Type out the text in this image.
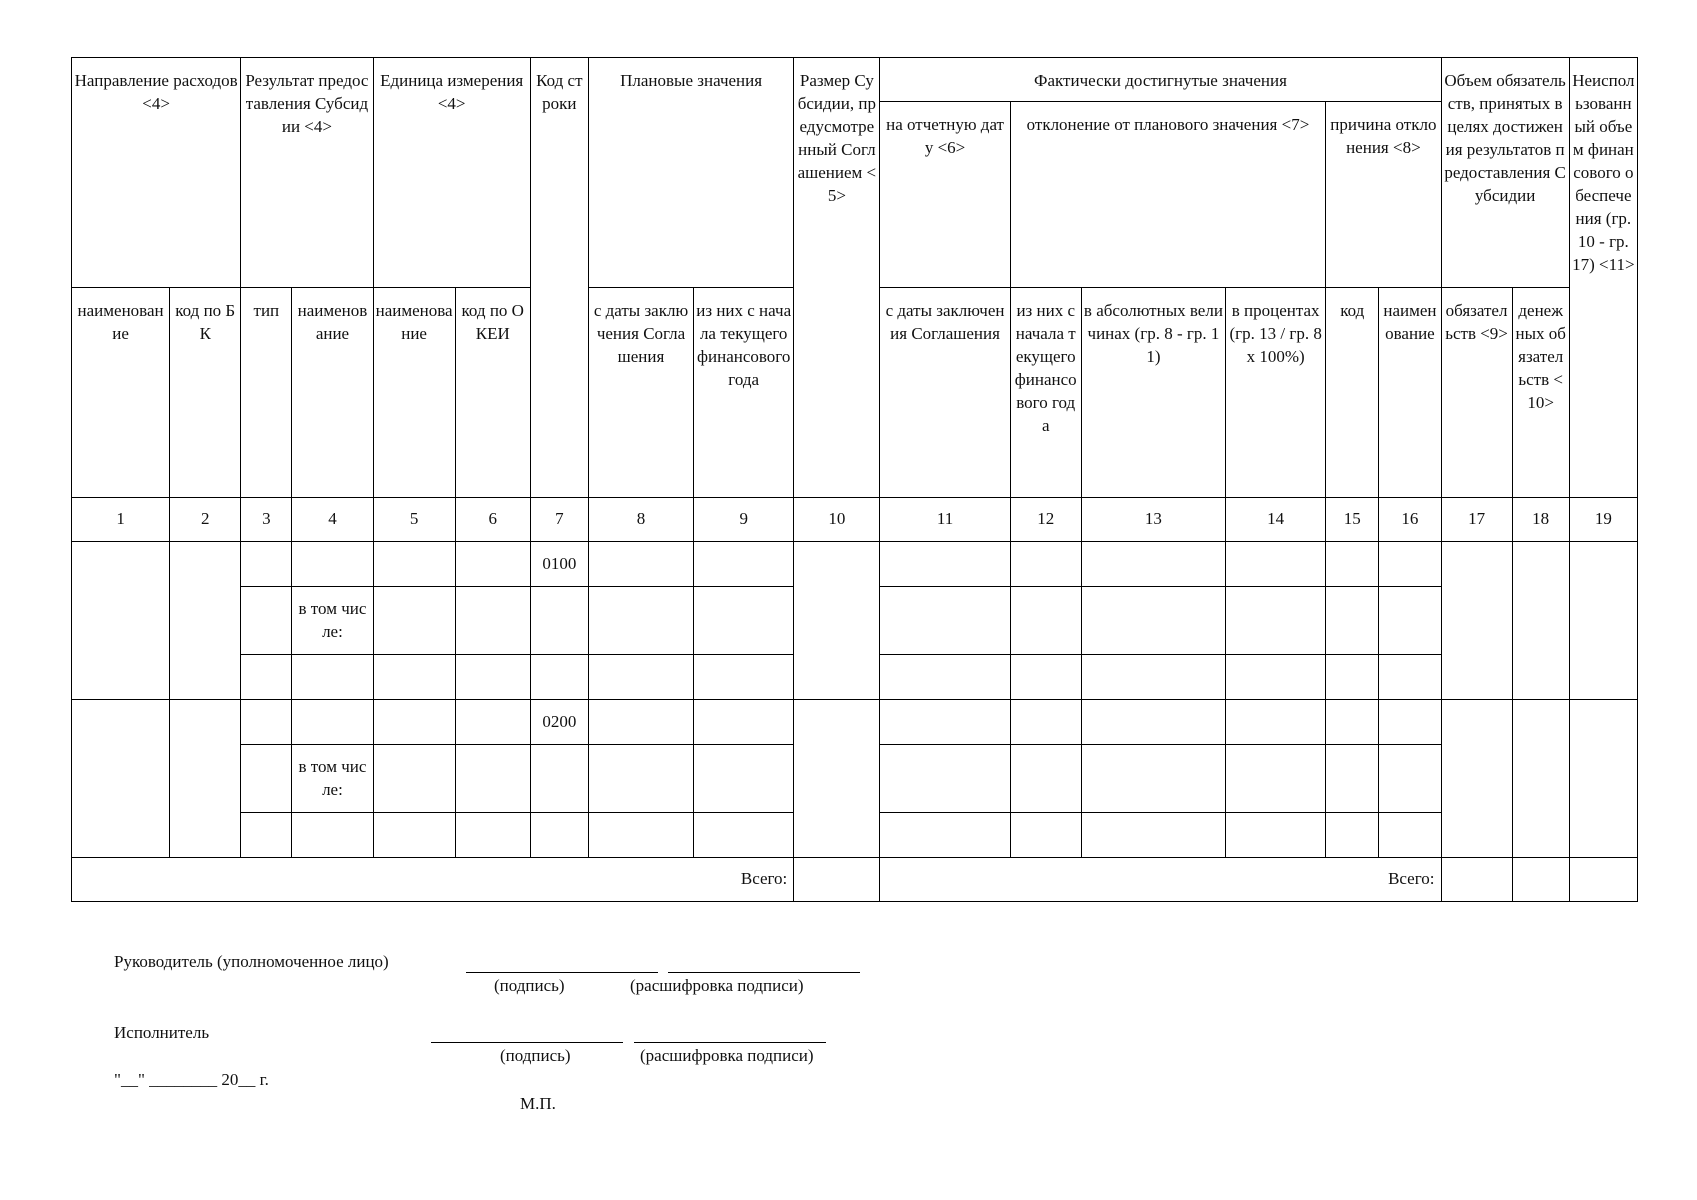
Направление расходов <4>		Результат предоставления Субсидии <4>		Единица измерения <4>		Код строки	Плановые значения		Размер Субсидии, предусмотренный Соглашением <5>	Фактически достигнутые значения						Объем обязательств, принятых в целях достижения результатов предоставления Субсидии		Неиспользованный объем финансового обеспечения (гр. 10 - гр. 17) <11>
										на отчетную дату <6>	отклонение от планового значения <7>			причина отклонения <8>				
наименование	код по БК	тип	наименование	наименование	код по ОКЕИ		с даты заключения Соглашения	из них с начала текущего финансового года		с даты заключения Соглашения	из них с начала текущего финансового года	в абсолютных величинах (гр. 8 - гр. 11)	в процентах (гр. 13 / гр. 8 x 100%)	код	наименование	обязательств <9>	денежных обязательств <10>	
1	2	3	4	5	6	7	8	9	10	11	12	13	14	15	16	17	18	19
						0100												
			в том числе:															

						0200												
			в том числе:															

Всего:										Всего:								
Руководитель (уполномоченное лицо)
(подпись)	(расшифровка подписи)
Исполнитель
(подпись)	(расшифровка подписи)
"__" ________ 20__ г.
М.П.
